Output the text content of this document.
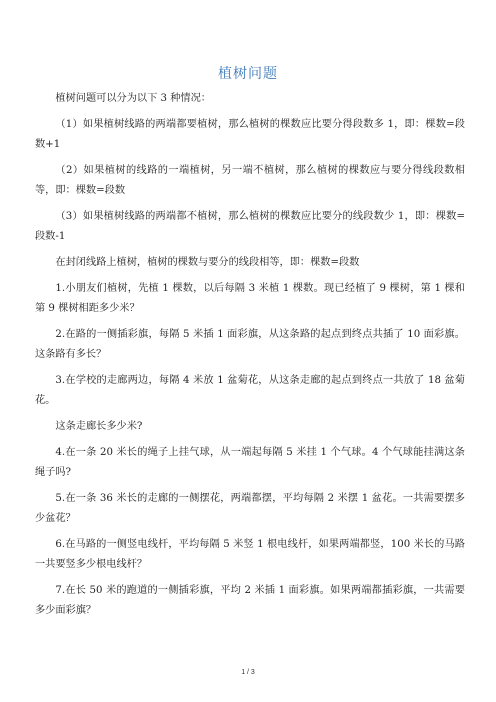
植树问题

植树问题可以分为以下 3 种情况：

（1）如果植树线路的两端都要植树，那么植树的棵数应比要分得段数多 1，即：棵数=段数+1

（2）如果植树的线路的一端植树，另一端不植树，那么植树的棵数应与要分得线段数相等，即：棵数=段数

（3）如果植树线路的两端都不植树，那么植树的棵数应比要分的线段数少 1，即：棵数=段数-1

在封闭线路上植树，植树的棵数与要分的线段相等，即：棵数=段数

1.小朋友们植树，先植 1 棵数，以后每隔 3 米植 1 棵数。现已经植了 9 棵树，第 1 棵和第 9 棵树相距多少米？

2.在路的一侧插彩旗，每隔 5 米插 1 面彩旗，从这条路的起点到终点共插了 10 面彩旗。这条路有多长？

3.在学校的走廊两边，每隔 4 米放 1 盆菊花，从这条走廊的起点到终点一共放了 18 盆菊花。

这条走廊长多少米?

4.在一条 20 米长的绳子上挂气球，从一端起每隔 5 米挂 1 个气球。4 个气球能挂满这条绳子吗?

5.在一条 36 米长的走廊的一侧摆花，两端都摆，平均每隔 2 米摆 1 盆花。一共需要摆多少盆花？

6.在马路的一侧竖电线杆，平均每隔 5 米竖 1 根电线杆，如果两端都竖，100 米长的马路一共要竖多少根电线杆？

7.在长 50 米的跑道的一侧插彩旗，平均 2 米插 1 面彩旗。如果两端都插彩旗，一共需要多少面彩旗？

1 / 3
